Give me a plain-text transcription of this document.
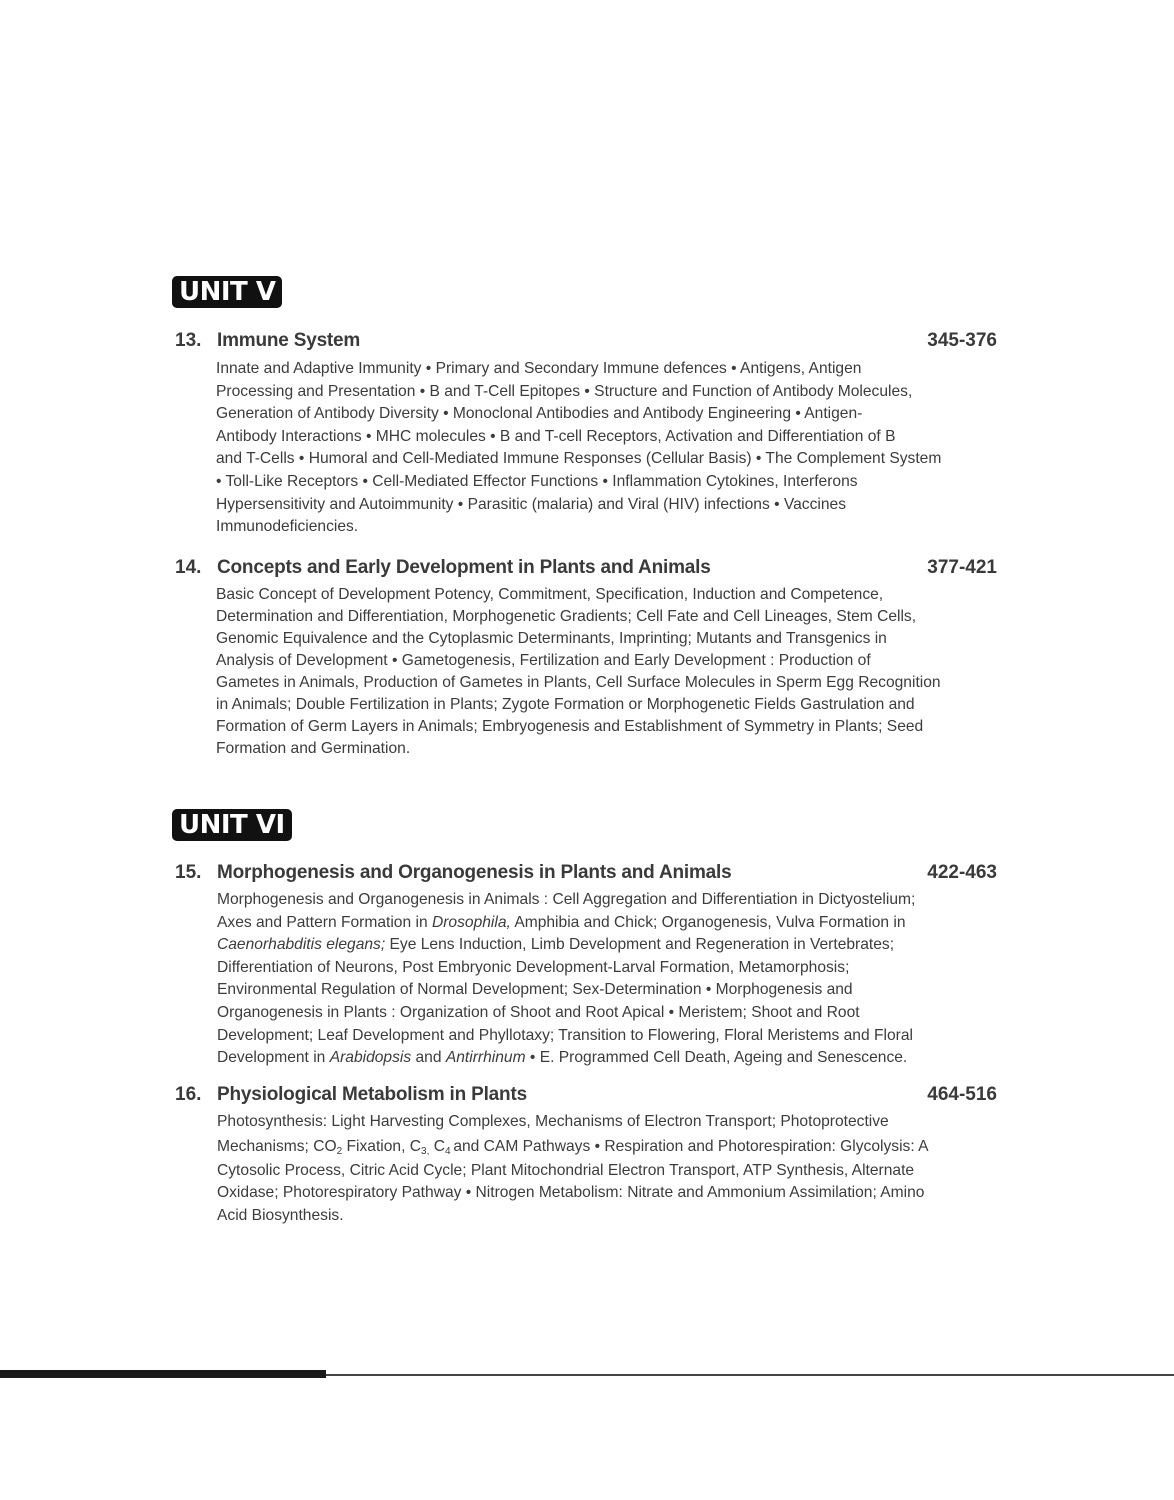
UNIT V
13. Immune System	345-376
Innate and Adaptive Immunity • Primary and Secondary Immune defences • Antigens, Antigen
Processing and Presentation • B and T-Cell Epitopes • Structure and Function of Antibody Molecules,
Generation of Antibody Diversity • Monoclonal Antibodies and Antibody Engineering • Antigen-
Antibody Interactions • MHC molecules • B and T-cell Receptors, Activation and Differentiation of B
and T-Cells • Humoral and Cell-Mediated Immune Responses (Cellular Basis) • The Complement System
• Toll-Like Receptors • Cell-Mediated Effector Functions • Inflammation Cytokines, Interferons
Hypersensitivity and Autoimmunity • Parasitic (malaria) and Viral (HIV) infections • Vaccines
Immunodeficiencies.
14. Concepts and Early Development in Plants and Animals	377-421
Basic Concept of Development Potency, Commitment, Specification, Induction and Competence,
Determination and Differentiation, Morphogenetic Gradients; Cell Fate and Cell Lineages, Stem Cells,
Genomic Equivalence and the Cytoplasmic Determinants, Imprinting; Mutants and Transgenics in
Analysis of Development • Gametogenesis, Fertilization and Early Development : Production of
Gametes in Animals, Production of Gametes in Plants, Cell Surface Molecules in Sperm Egg Recognition
in Animals; Double Fertilization in Plants; Zygote Formation or Morphogenetic Fields Gastrulation and
Formation of Germ Layers in Animals; Embryogenesis and Establishment of Symmetry in Plants; Seed
Formation and Germination.
UNIT VI
15. Morphogenesis and Organogenesis in Plants and Animals	422-463
Morphogenesis and Organogenesis in Animals : Cell Aggregation and Differentiation in Dictyostelium;
Axes and Pattern Formation in Drosophila, Amphibia and Chick; Organogenesis, Vulva Formation in
Caenorhabditis elegans; Eye Lens Induction, Limb Development and Regeneration in Vertebrates;
Differentiation of Neurons, Post Embryonic Development-Larval Formation, Metamorphosis;
Environmental Regulation of Normal Development; Sex-Determination • Morphogenesis and
Organogenesis in Plants : Organization of Shoot and Root Apical • Meristem; Shoot and Root
Development; Leaf Development and Phyllotaxy; Transition to Flowering, Floral Meristems and Floral
Development in Arabidopsis and Antirrhinum • E. Programmed Cell Death, Ageing and Senescence.
16. Physiological Metabolism in Plants	464-516
Photosynthesis: Light Harvesting Complexes, Mechanisms of Electron Transport; Photoprotective
Mechanisms; $CO_2$ Fixation, $C_{3,}$ $C_4$ and CAM Pathways • Respiration and Photorespiration: Glycolysis: A
Cytosolic Process, Citric Acid Cycle; Plant Mitochondrial Electron Transport, ATP Synthesis, Alternate
Oxidase; Photorespiratory Pathway • Nitrogen Metabolism: Nitrate and Ammonium Assimilation; Amino
Acid Biosynthesis.
